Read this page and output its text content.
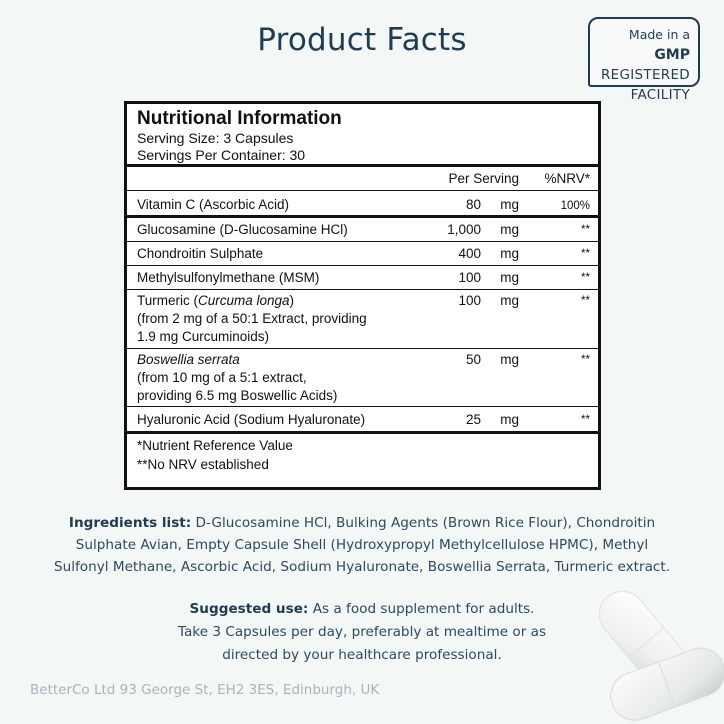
Product Facts	Made in a GMP
REGISTERED
FACILITY
Nutritional Information
Serving Size: 3 Capsules
Servings Per Container: 30
Per Serving	%NRV*
Vitamin C (Ascorbic Acid)	80	mg	100%
Glucosamine (D-Glucosamine HCl)	1,000	mg	**
Chondroitin Sulphate	400	mg	**
Methylsulfonylmethane (MSM)	100	mg	**
Turmeric (Curcuma longa)
(from 2 mg of a 50:1 Extract, providing
1.9 mg Curcuminoids)
100	mg	**
Boswellia serrata
(from 10 mg of a 5:1 extract,
providing 6.5 mg Boswellic Acids)
50	mg	**
Hyaluronic Acid (Sodium Hyaluronate)	25	mg	**
*Nutrient Reference Value
**No NRV established
Ingredients list: D-Glucosamine HCl, Bulking Agents (Brown Rice Flour), Chondroitin
Sulphate Avian, Empty Capsule Shell (Hydroxypropyl Methylcellulose HPMC), Methyl
Sulfonyl Methane, Ascorbic Acid, Sodium Hyaluronate, Boswellia Serrata, Turmeric extract.
Suggested use: As a food supplement for adults.
Take 3 Capsules per day, preferably at mealtime or as
directed by your healthcare professional.
BetterCo Ltd 93 George St, EH2 3ES, Edinburgh, UK
